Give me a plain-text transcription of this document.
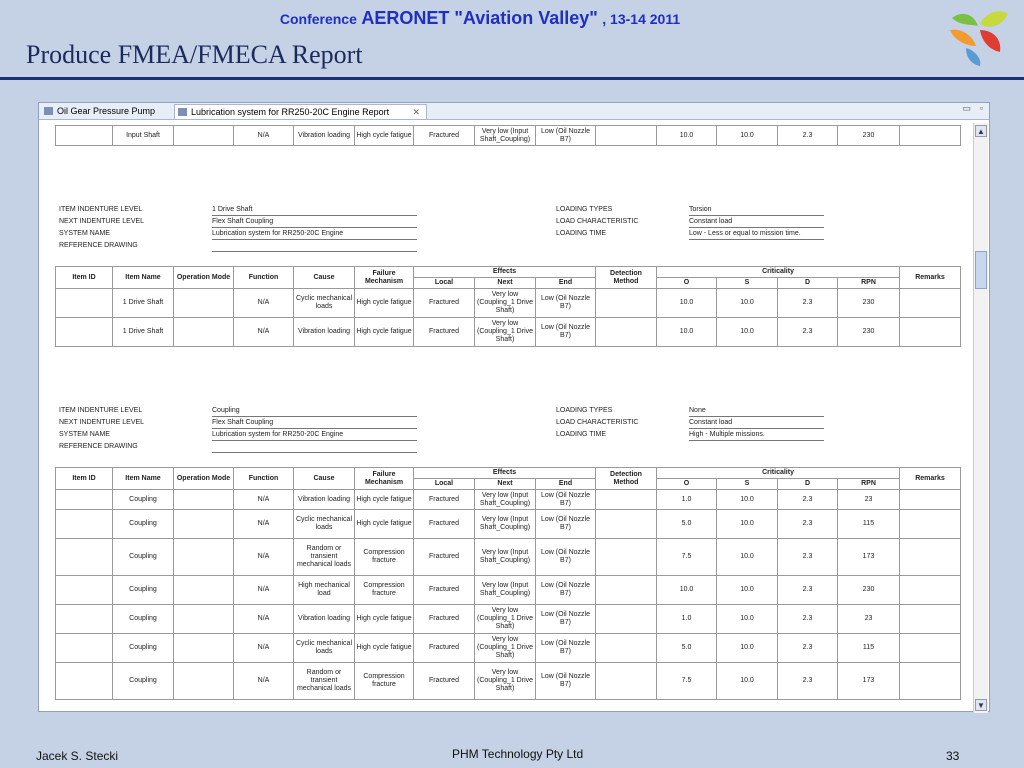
Conference AERONET "Aviation Valley" , 13-14 2011
Produce FMEA/FMECA Report
Oil Gear Pressure Pump	Lubrication system for RR250-20C Engine Report	✕	▭ ▫
	Input Shaft		N/A	Vibration loading	High cycle fatigue	Fractured	Very low (Input Shaft_Coupling)	Low (Oil Nozzle B7)		10.0	10.0	2.3	230	
ITEM INDENTURE LEVEL	1 Drive Shaft	LOADING TYPES	Torsion
NEXT INDENTURE LEVEL	Flex Shaft Coupling	LOAD CHARACTERISTIC	Constant load
SYSTEM NAME	Lubrication system for RR250-20C Engine	LOADING TIME	Low - Less or equal to mission time.
REFERENCE DRAWING
Item ID	Item Name	Operation Mode	Function	Cause	Failure Mechanism	Effects			Detection Method	Criticality				Remarks
						Local	Next	End		O	S	D	RPN	
	1 Drive Shaft		N/A	Cyclic mechanical loads	High cycle fatigue	Fractured	Very low (Coupling_1 Drive Shaft)	Low (Oil Nozzle B7)		10.0	10.0	2.3	230	
	1 Drive Shaft		N/A	Vibration loading	High cycle fatigue	Fractured	Very low (Coupling_1 Drive Shaft)	Low (Oil Nozzle B7)		10.0	10.0	2.3	230	
ITEM INDENTURE LEVEL	Coupling	LOADING TYPES	None
NEXT INDENTURE LEVEL	Flex Shaft Coupling	LOAD CHARACTERISTIC	Constant load
SYSTEM NAME	Lubrication system for RR250-20C Engine	LOADING TIME	High - Multiple missions.
REFERENCE DRAWING
Item ID	Item Name	Operation Mode	Function	Cause	Failure Mechanism	Effects			Detection Method	Criticality				Remarks
						Local	Next	End		O	S	D	RPN	
	Coupling		N/A	Vibration loading	High cycle fatigue	Fractured	Very low (Input Shaft_Coupling)	Low (Oil Nozzle B7)		1.0	10.0	2.3	23	
	Coupling		N/A	Cyclic mechanical loads	High cycle fatigue	Fractured	Very low (Input Shaft_Coupling)	Low (Oil Nozzle B7)		5.0	10.0	2.3	115	
	Coupling		N/A	Random or transient mechanical loads	Compression fracture	Fractured	Very low (Input Shaft_Coupling)	Low (Oil Nozzle B7)		7.5	10.0	2.3	173	
	Coupling		N/A	High mechanical load	Compression fracture	Fractured	Very low (Input Shaft_Coupling)	Low (Oil Nozzle B7)		10.0	10.0	2.3	230	
	Coupling		N/A	Vibration loading	High cycle fatigue	Fractured	Very low (Coupling_1 Drive Shaft)	Low (Oil Nozzle B7)		1.0	10.0	2.3	23	
	Coupling		N/A	Cyclic mechanical loads	High cycle fatigue	Fractured	Very low (Coupling_1 Drive Shaft)	Low (Oil Nozzle B7)		5.0	10.0	2.3	115	
	Coupling		N/A	Random or transient mechanical loads	Compression fracture	Fractured	Very low (Coupling_1 Drive Shaft)	Low (Oil Nozzle B7)		7.5	10.0	2.3	173	
▲
▼
Jacek S. Stecki	PHM Technology Pty Ltd	33
